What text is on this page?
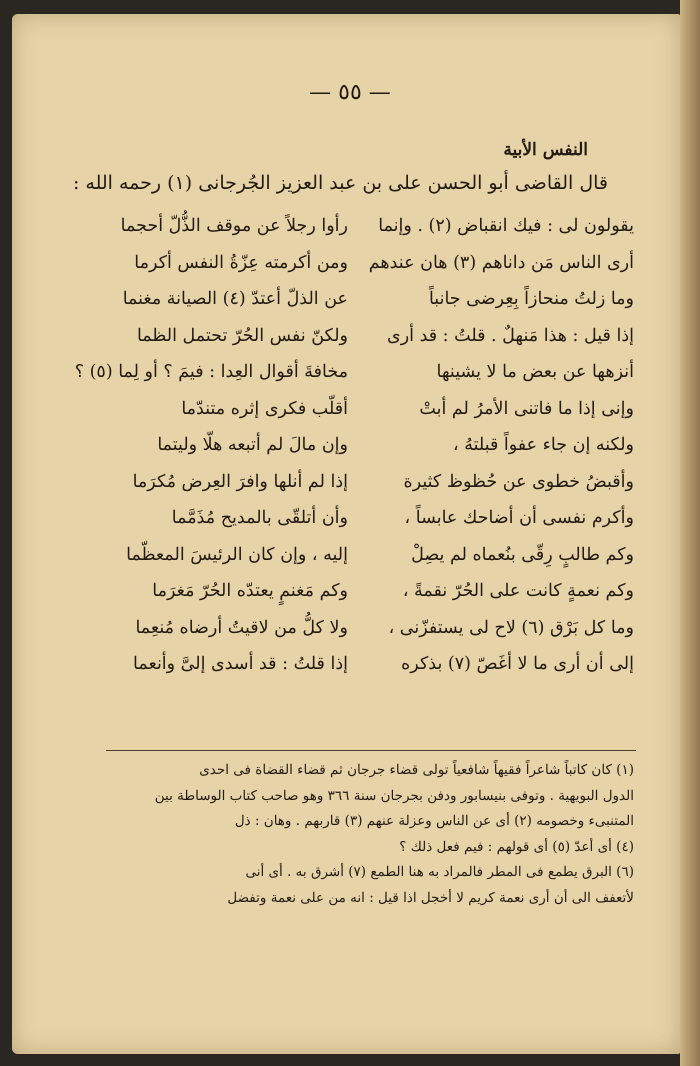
— ٥٥ —
النفس الأبية
قال القاضى أبو الحسن على بن عبد العزيز الجُرجانى (١) رحمه الله :
يقولون لى : فيك انقباض (٢) . وإنما
أرى الناس مَن داناهم (٣) هان عندهم
وما زلتُ منحازاً بِعِرضى جانباً
إذا قيل : هذا مَنهلٌ . قلتُ : قد أرى
أنزهها عن بعض ما لا يشينها
وإنى إذا ما فاتنى الأمرُ لم أبتْ
ولكنه إن جاء عفواً قبلتهُ ،
وأقبضُ خطوى عن حُظوظ كثيرة
وأكرم نفسى أن أضاحك عابساً ،
وكم طالبٍ رِقّى بنُعماه لم يصِلْ
وكم نعمةٍ كانت على الحُرّ نقمةً ،
وما كل بَرْق (٦) لاح لى يستفزّنى ،
إلى أن أرى ما لا أغَصّ (٧) بذكره
رأوا رجلاً عن موقف الذُّلّ أحجما
ومن أكرمته عِزّةُ النفس أكرما
عن الذلّ أعتدّ (٤) الصيانة مغنما
ولكنّ نفس الحُرّ تحتمل الظما
مخافةَ أقوال العِدا : فيمَ ؟ أو لِما (٥) ؟
أقلّب فكرى إثره متندّما
وإن مالَ لم أتبعه هلّا وليتما
إذا لم أنلها وافرَ العِرض مُكرَما
وأن أتلقّى بالمديح مُذَمَّما
إليه ، وإن كان الرئيسَ المعظّما
وكم مَغنمٍ يعتدّه الحُرّ مَغرَما
ولا كلُّ من لاقيتُ أرضاه مُنعِما
إذا قلتُ : قد أسدى إلىَّ وأنعما
(١) كان كاتباً شاعراً فقيهاً شافعياً تولى قضاء جرجان ثم قضاء القضاة فى احدى
الدول البويهية . وتوفى بنيسابور ودفن بجرجان سنة ٣٦٦ وهو صاحب كتاب الوساطة بين
المتنبىء وخصومه (٢) أى عن الناس وعزلة عنهم (٣) قاربهم . وهان : ذل
(٤) أى أعدّ (٥) أى قولهم : فيم فعل ذلك ؟
(٦) البرق يطمع فى المطر فالمراد به هنا الطمع (٧) أشرق به . أى أنى
لأتعفف الى أن أرى نعمة كريم لا أخجل اذا قيل : انه من على نعمة وتفضل
